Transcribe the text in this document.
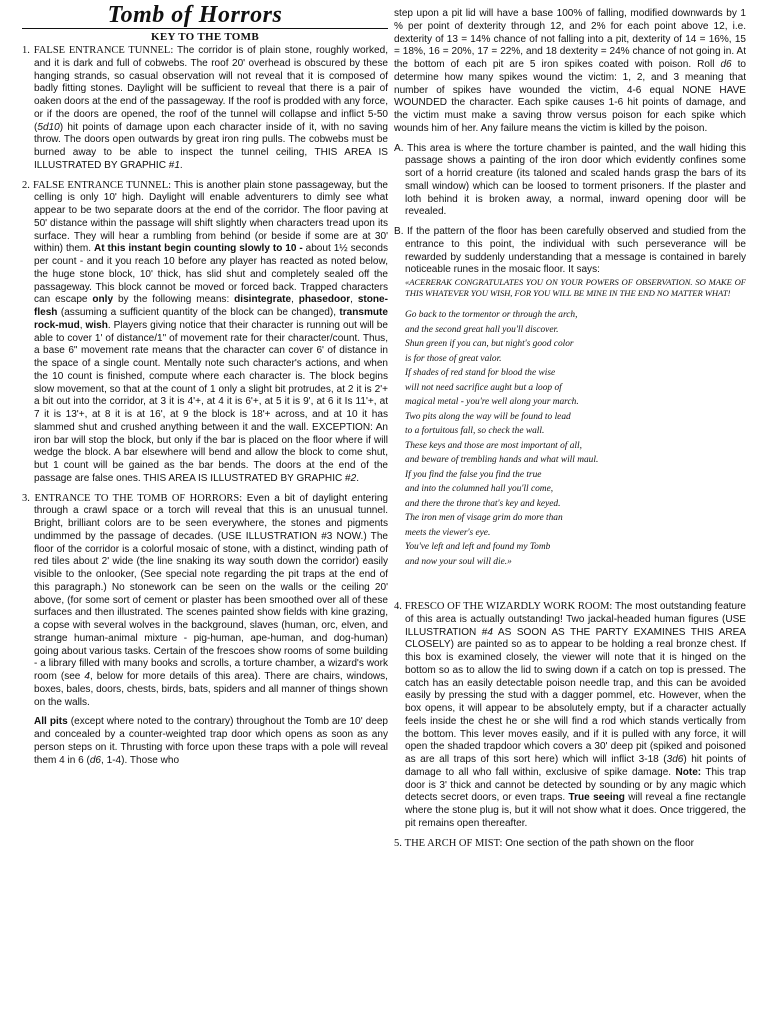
Tomb of Horrors
KEY TO THE TOMB

1. FALSE ENTRANCE TUNNEL: The corridor is of plain stone, roughly worked, and it is dark and full of cobwebs. The roof 20' overhead is obscured by these hanging strands, so casual observation will not reveal that it is composed of badly fitting stones. Daylight will be sufficient to reveal that there is a pair of oaken doors at the end of the passageway. If the roof is prodded with any force, or if the doors are opened, the roof of the tunnel will collapse and inflict 5-50 (5d10) hit points of damage upon each character inside of it, with no saving throw. The doors open outwards by great iron ring pulls. The cobwebs must be burned away to be able to inspect the tunnel ceiling, THIS AREA IS ILLUSTRATED BY GRAPHIC #1.

2. FALSE ENTRANCE TUNNEL: This is another plain stone passageway, but the celling is only 10' high. Daylight will enable adventurers to dimly see what appear to be two separate doors at the end of the corridor. The floor paving at 50' distance within the passage will shift slightly when characters tread upon its surface. They will hear a rumbling from behind (or beside if some are at 30' within) them. At this instant begin counting slowly to 10 - about 1½ seconds per count - and it you reach 10 before any player has reacted as noted below, the huge stone block, 10' thick, has slid shut and completely sealed off the passageway. This block cannot be moved or forced back. Trapped characters can escape only by the following means: disintegrate, phasedoor, stone-flesh (assuming a sufficient quantity of the block can be changed), transmute rock-mud, wish. Players giving notice that their character is running out will be able to cover 1' of distance/1" of movement rate for their character/count. Thus, a base 6" movement rate means that the character can cover 6' of distance in the space of a single count. Mentally note such character's actions, and when the 10 count is finished, compute where each character is. The block begins slow movement, so that at the count of 1 only a slight bit protrudes, at 2 it is 2'+ a bit out into the corridor, at 3 it is 4'+, at 4 it is 6'+, at 5 it is 9', at 6 it Is 11'+, at 7 it is 13'+, at 8 it is at 16', at 9 the block is 18'+ across, and at 10 it has slammed shut and crushed anything between it and the wall. EXCEPTION: An iron bar will stop the block, but only if the bar is placed on the floor where if will wedge the block. A bar elsewhere will bend and allow the block to come shut, but 1 count will be gained as the bar bends. The doors at the end of the passage are false ones. THIS AREA IS ILLUSTRATED BY GRAPHIC #2.

3. ENTRANCE TO THE TOMB OF HORRORS: Even a bit of daylight entering through a crawl space or a torch will reveal that this is an unusual tunnel. Bright, brilliant colors are to be seen everywhere, the stones and pigments undimmed by the passage of decades. (USE ILLUSTRATION #3 NOW.) The floor of the corridor is a colorful mosaic of stone, with a distinct, winding path of red tiles about 2' wide (the line snaking its way south down the corridor) easily visible to the onlooker, (See special note regarding the pit traps at the end of this paragraph.) No stonework can be seen on the walls or the ceiling 20' above, (for some sort of cement or plaster has been smoothed over all of these surfaces and then illustrated. The scenes painted show fields with kine grazing, a copse with several wolves in the background, slaves (human, orc, elven, and strange human-animal mixture - pig-human, ape-human, and dog-human) going about various tasks. Certain of the frescoes show rooms of some building - a library filled with many books and scrolls, a torture chamber, a wizard's work room (see 4, below for more details of this area). There are chairs, windows, boxes, bales, doors, chests, birds, bats, spiders and all manner of things shown on the walls.

All pits (except where noted to the contrary) throughout the Tomb are 10' deep and concealed by a counter-weighted trap door which opens as soon as any person steps on it. Thrusting with force upon these traps with a pole will reveal them 4 in 6 (d6, 1-4). Those who

step upon a pit lid will have a base 100% of falling, modified downwards by 1 % per point of dexterity through 12, and 2% for each point above 12, i.e. dexterity of 13 = 14% chance of not falling into a pit, dexterity of 14 = 16%, 15 = 18%, 16 = 20%, 17 = 22%, and 18 dexterity = 24% chance of not going in. At the bottom of each pit are 5 iron spikes coated with poison. Roll d6 to determine how many spikes wound the victim: 1, 2, and 3 meaning that number of spikes have wounded the victim, 4-6 equal NONE HAVE WOUNDED the character. Each spike causes 1-6 hit points of damage, and the victim must make a saving throw versus poison for each spike which wounds him of her. Any failure means the victim is killed by the poison.

A. This area is where the torture chamber is painted, and the wall hiding this passage shows a painting of the iron door which evidently confines some sort of a horrid creature (its taloned and scaled hands grasp the bars of its small window) which can be loosed to torment prisoners. If the plaster and loth behind it is broken away, a normal, inward opening door will be revealed.

B. If the pattern of the floor has been carefully observed and studied from the entrance to this point, the individual with such perseverance will be rewarded by suddenly understanding that a message is contained in barely noticeable runes in the mosaic floor. It says:

«ACERERAK CONGRATULATES YOU ON YOUR POWERS OF OBSERVATION. SO MAKE OF THIS WHATEVER YOU WISH, FOR YOU WILL BE MINE IN THE END NO MATTER WHAT!
Go back to the tormentor or through the arch,
and the second great hall you'll discover.
Shun green if you can, but night's good color
is for those of great valor.
If shades of red stand for blood the wise
will not need sacrifice aught but a loop of
magical metal - you're well along your march.
Two pits along the way will be found to lead
to a fortuitous fall, so check the wall.
These keys and those are most important of all,
and beware of trembling hands and what will maul.
If you find the false you find the true
and into the columned hall you'll come,
and there the throne that's key and keyed.
The iron men of visage grim do more than
meets the viewer's eye.
You've left and left and found my Tomb
and now your soul will die.»

4. FRESCO OF THE WIZARDLY WORK ROOM: The most outstanding feature of this area is actually outstanding! Two jackal-headed human figures (USE ILLUSTRATION #4 AS SOON AS THE PARTY EXAMINES THIS AREA CLOSELY) are painted so as to appear to be holding a real bronze chest. If this box is examined closely, the viewer will note that it is hinged on the bottom so as to allow the lid to swing down if a catch on top is pressed. The catch has an easily detectable poison needle trap, and this can be avoided easily by pressing the stud with a dagger pommel, etc. However, when the box opens, it will appear to be absolutely empty, but if a character actually feels inside the chest he or she will find a rod which stands vertically from the bottom. This lever moves easily, and if it is pulled with any force, it will open the shaded trapdoor which covers a 30' deep pit (spiked and poisoned as are all traps of this sort here) which will inflict 3-18 (3d6) hit points of damage to all who fall within, exclusive of spike damage. Note: This trap door is 3' thick and cannot be detected by sounding or by any magic which detects secret doors, or even traps. True seeing will reveal a fine rectangle where the stone plug is, but it will not show what it does. Once triggered, the pit remains open thereafter.

5. THE ARCH OF MIST: One section of the path shown on the floor
